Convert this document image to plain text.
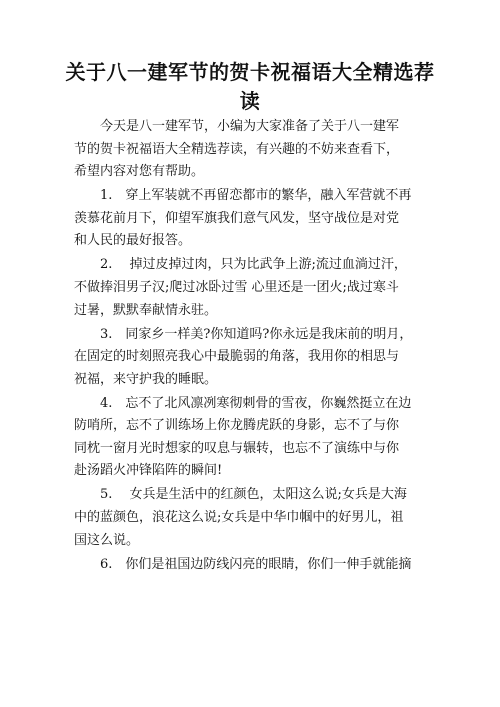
关于八一建军节的贺卡祝福语大全精选荐
读

今天是八一建军节，小编为大家准备了关于八一建军
节的贺卡祝福语大全精选荐读，有兴趣的不妨来查看下，
希望内容对您有帮助。

1.　穿上军装就不再留恋都市的繁华，融入军营就不再
羡慕花前月下，仰望军旗我们意气风发，坚守战位是对党
和人民的最好报答。

2.　 掉过皮掉过肉，只为比武争上游;流过血淌过汗，
不做捧泪男子汉;爬过冰卧过雪 心里还是一团火;战过寒斗
过暑，默默奉献情永驻。

3.　同家乡一样美?你知道吗?你永远是我床前的明月，
在固定的时刻照亮我心中最脆弱的角落，我用你的相思与
祝福，来守护我的睡眠。

4.　忘不了北风凛冽寒彻刺骨的雪夜，你巍然挺立在边
防哨所，忘不了训练场上你龙腾虎跃的身影，忘不了与你
同枕一窗月光时想家的叹息与辗转，也忘不了演练中与你
赴汤蹈火冲锋陷阵的瞬间!

5.　 女兵是生活中的红颜色，太阳这么说;女兵是大海
中的蓝颜色，浪花这么说;女兵是中华巾帼中的好男儿，祖
国这么说。

6.　你们是祖国边防线闪亮的眼睛，你们一伸手就能摘
